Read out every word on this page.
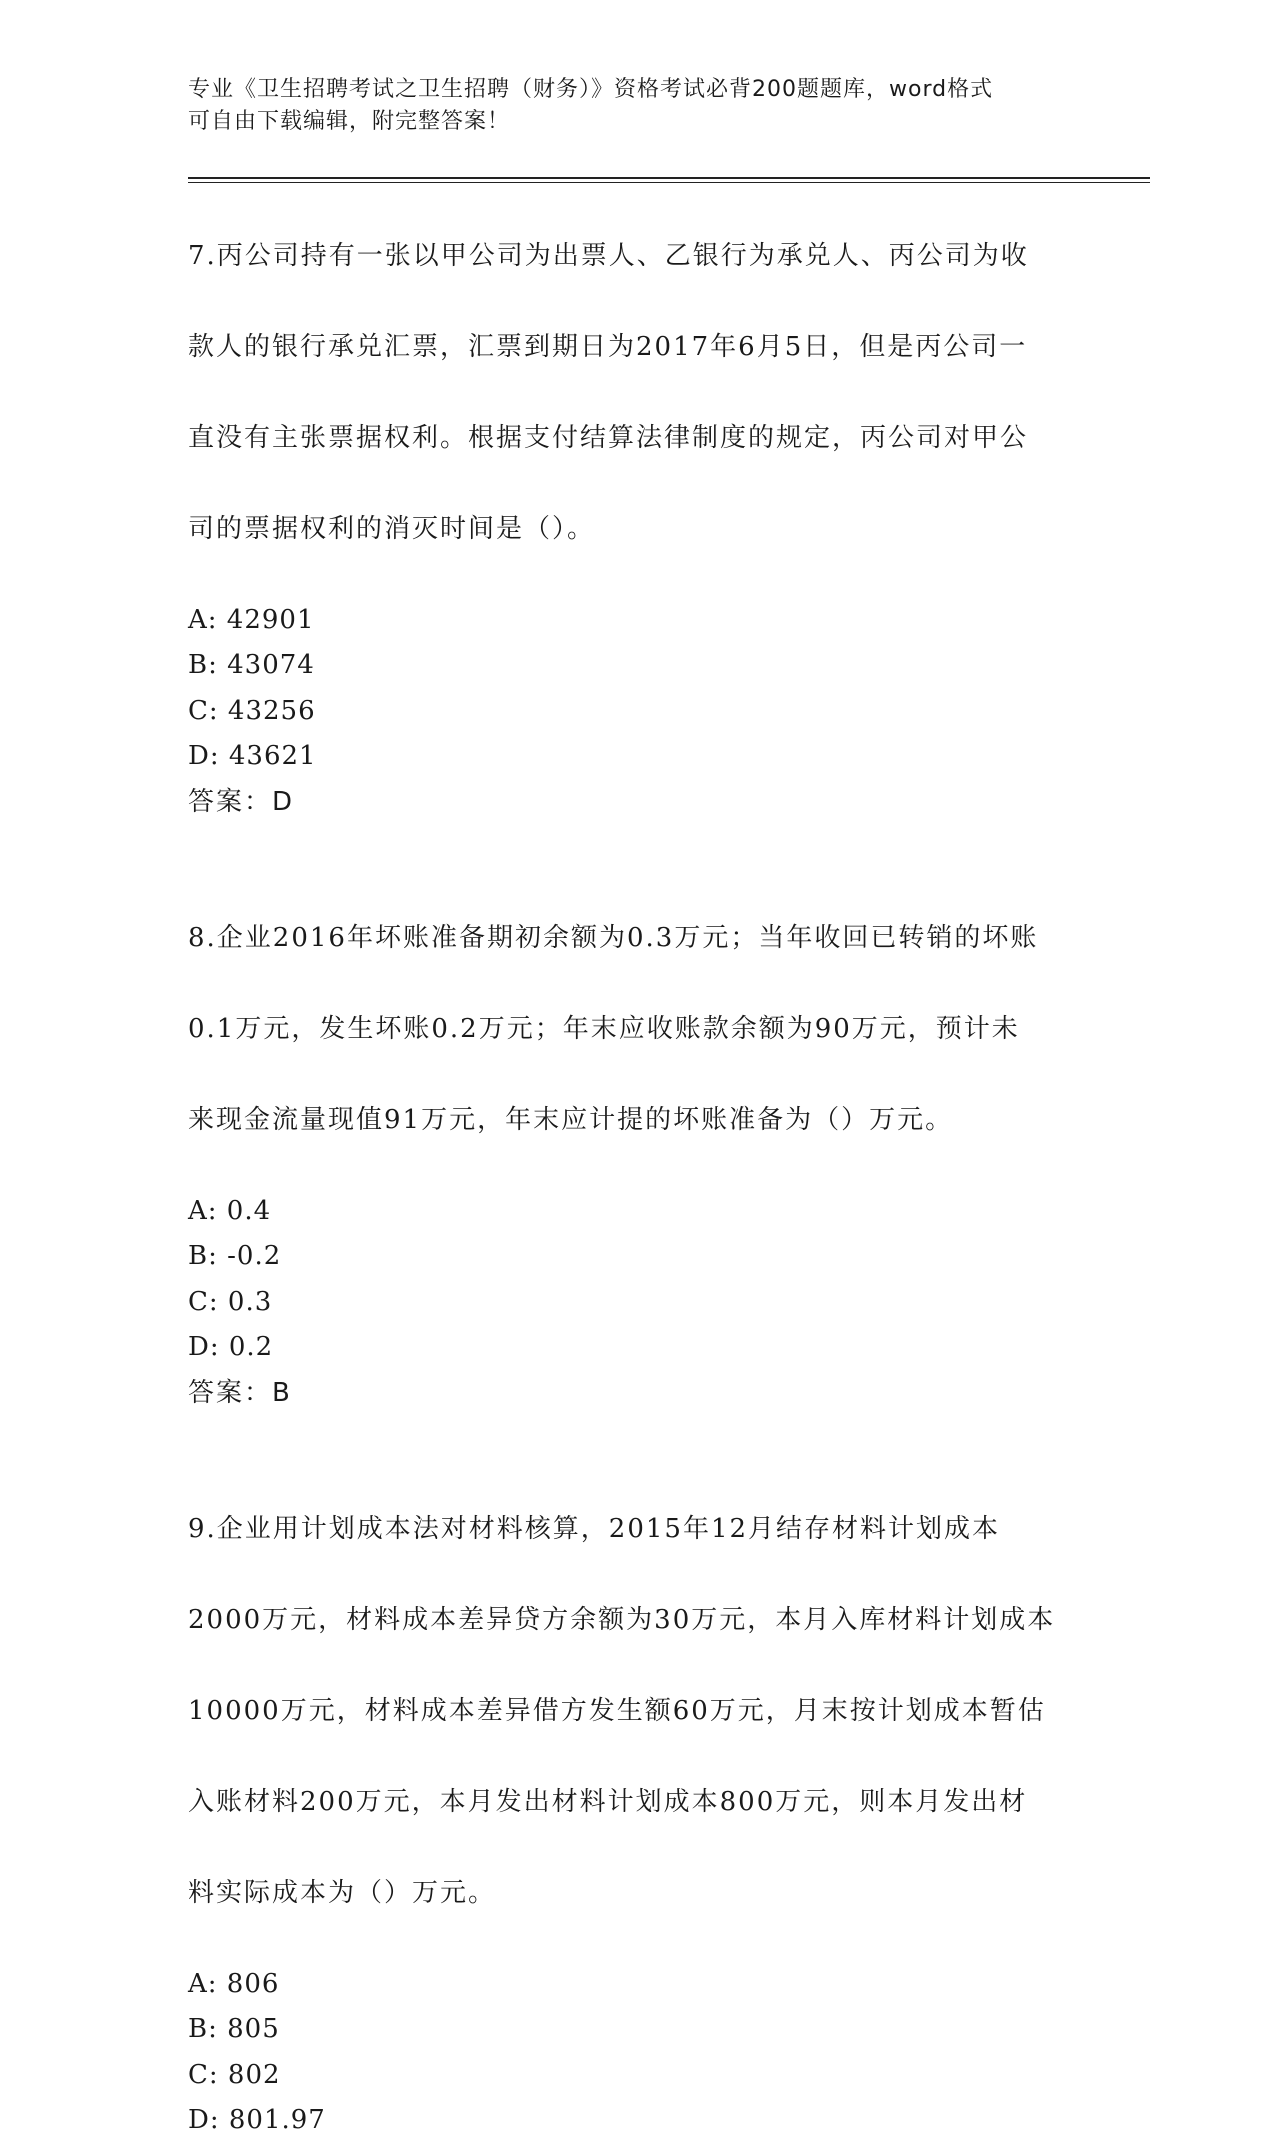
专业《卫生招聘考试之卫生招聘（财务）》资格考试必背200题题库，word格式
可自由下载编辑，附完整答案！

7.丙公司持有一张以甲公司为出票人、乙银行为承兑人、丙公司为收

款人的银行承兑汇票，汇票到期日为2017年6月5日，但是丙公司一

直没有主张票据权利。根据支付结算法律制度的规定，丙公司对甲公

司的票据权利的消灭时间是（）。

A: 42901
B: 43074
C: 43256
D: 43621
答案：D

8.企业2016年坏账准备期初余额为0.3万元；当年收回已转销的坏账

0.1万元，发生坏账0.2万元；年末应收账款余额为90万元，预计未

来现金流量现值91万元，年末应计提的坏账准备为（）万元。

A: 0.4
B: -0.2
C: 0.3
D: 0.2
答案：B

9.企业用计划成本法对材料核算，2015年12月结存材料计划成本

2000万元，材料成本差异贷方余额为30万元，本月入库材料计划成本

10000万元，材料成本差异借方发生额60万元，月末按计划成本暂估

入账材料200万元，本月发出材料计划成本800万元，则本月发出材

料实际成本为（）万元。

A: 806
B: 805
C: 802
D: 801.97
